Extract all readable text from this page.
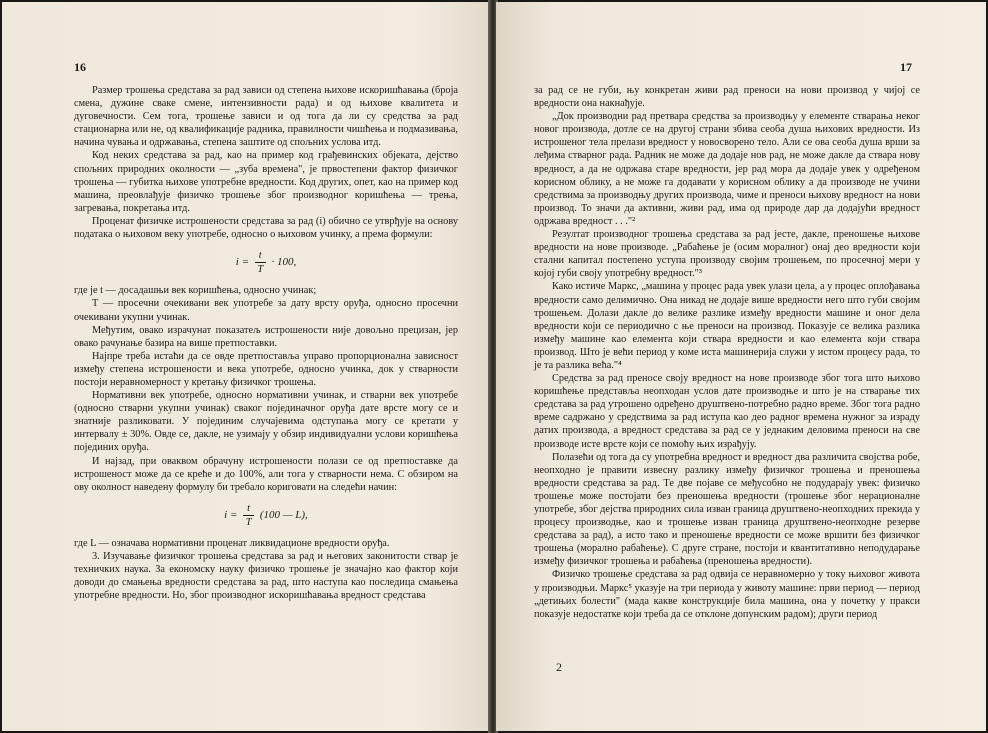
16

Размер трошења средстава за рад зависи од степена њихове искоришћавања (броја смена, дужине сваке смене, интензивности рада) и од њихове квалитета и дуговечности. Сем тога, трошење зависи и од тога да ли су средства за рад стационарна или не, од квалификације радника, правилности чишћења и подмазивања, начина чувања и одржавања, степена заштите од спољних услова итд.

Код неких средстава за рад, као на пример код грађевинских објеката, дејство спољних природних околности — „зуба времена", је првостепени фактор физичког трошења — губитка њихове употребне вредности. Код других, опет, као на пример код машина, преовлађује физичко трошење због производног коришћења — трења, загревања, покретања итд.

Проценат физичке истрошености средстава за рад (i) обично се утврђује на основу података о њиховом веку употребе, односно о њиховом учинку, а према формули:

$i = \frac{t}{T} \cdot 100$,

где је t — досадашњи век коришћења, односно учинак;

T — просечни очекивани век употребе за дату врсту оруђа, односно просечни очекивани укупни учинак.

Међутим, овако израчунат показатељ истрошености није довољно прецизан, јер овако рачунање базира на више претпоставки.

Најпре треба истаћи да се овде претпоставља управо пропорционална зависност између степена истрошености и века употребе, односно учинка, док у стварности постоји неравномерност у кретању физичког трошења.

Нормативни век употребе, односно нормативни учинак, и стварни век употребе (односно стварни укупни учинак) сваког појединачног оруђа дате врсте могу се и знатније разликовати. У појединим случајевима одступања могу се кретати у интервалу ± 30%. Овде се, дакле, не узимају у обзир индивидуални услови коришћења појединих оруђа.

И најзад, при оваквом обрачуну истрошености полази се од претпоставке да истрошеност може да се креће и до 100%, али тога у стварности нема. С обзиром на ову околност наведену формулу би требало кориговати на следећи начин:

$i = \frac{t}{T} (100$ — L),

где L — означава нормативни проценат ликвидационе вредности оруђа.

3. Изучавање физичког трошења средстава за рад и његових законитости ствар је техничких наука. За економску науку физичко трошење је значајно као фактор који доводи до смањења вредности средстава за рад, што наступа као последица смањења употребне вредности. Но, због производног искоришћавања вредност средстава

17

за рад се не губи, њу конкретан живи рад преноси на нови производ у чијој се вредности она накнађује.

„Док производни рад претвара средства за производњу у елементе стварања неког новог производа, дотле се на другој страни збива сеоба душа њихових вредности. Из истрошеног тела прелази вредност у новосворено тело. Али се ова сеоба душа врши за леђима стварног рада. Радник не може да додаје нов рад, не може дакле да ствара нову вредност, а да не одржава старе вредности, јер рад мора да додаје увек у одређеном корисном облику, а не може га додавати у корисном облику а да производе не учини средствима за производњу других производа, чиме и преноси њихову вредност на нови производ. То значи да активни, живи рад, има од природе дар да додајући вредност одржава вредност . . ."²

Резултат производног трошења средстава за рад јесте, дакле, преношење њихове вредности на нове производе. „Рабаћење је (осим моралног) онај део вредности који стални капитал постепено уступа производу својим трошењем, по просечној мери у којој губи своју употребну вредност."³

Како истиче Маркс, „машина у процес рада увек улази цела, а у процес оплођавања вредности само делимично. Она никад не додаје више вредности него што губи својим трошењем. Долази дакле до велике разлике између вредности машине и оног дела вредности који се периодично с ње преноси на производ. Показује се велика разлика између машине као елемента који ствара вредности и као елемента који ствара производ. Што је већи период у коме иста машинерија служи у истом процесу рада, то је та разлика већа."⁴

Средства за рад преносе своју вредност на нове производе због тога што њихово коришћење представља неопходан услов дате производње и што је на стварање тих средстава за рад утрошено одређено друштвено-потребно радно време. Због тога радно време садржано у средствима за рад иступа као део радног времена нужног за израду датих производа, а вредност средстава за рад се у једнаким деловима преноси на све производе исте врсте који се помоћу њих израђују.

Полазећи од тога да су употребна вредност и вредност два различита својства робе, неопходно је правити извесну разлику између физичког трошења и преношења вредности средстава за рад. Те две појаве се међусобно не подударају увек: физичко трошење може постојати без преношења вредности (трошење због нерационалне употребе, због дејства природних сила изван граница друштвено-неопходних прекида у процесу производње, као и трошење изван граница друштвено-неопходне резерве средстава за рад), а исто тако и преношење вредности се може вршити без физичког трошења (морално рабаћење). С друге стране, постоји и квантитативно неподударање између физичког трошења и рабаћења (преношења вредности).

Физичко трошење средстава за рад одвија се неравномерно у току њиховог живота у производњи. Маркс⁵ указује на три периода у животу машине: први период — период „детињих болести" (мада какве конструкције била машина, она у почетку у пракси показује недостатке који треба да се отклоне допунским радом); други период

2
